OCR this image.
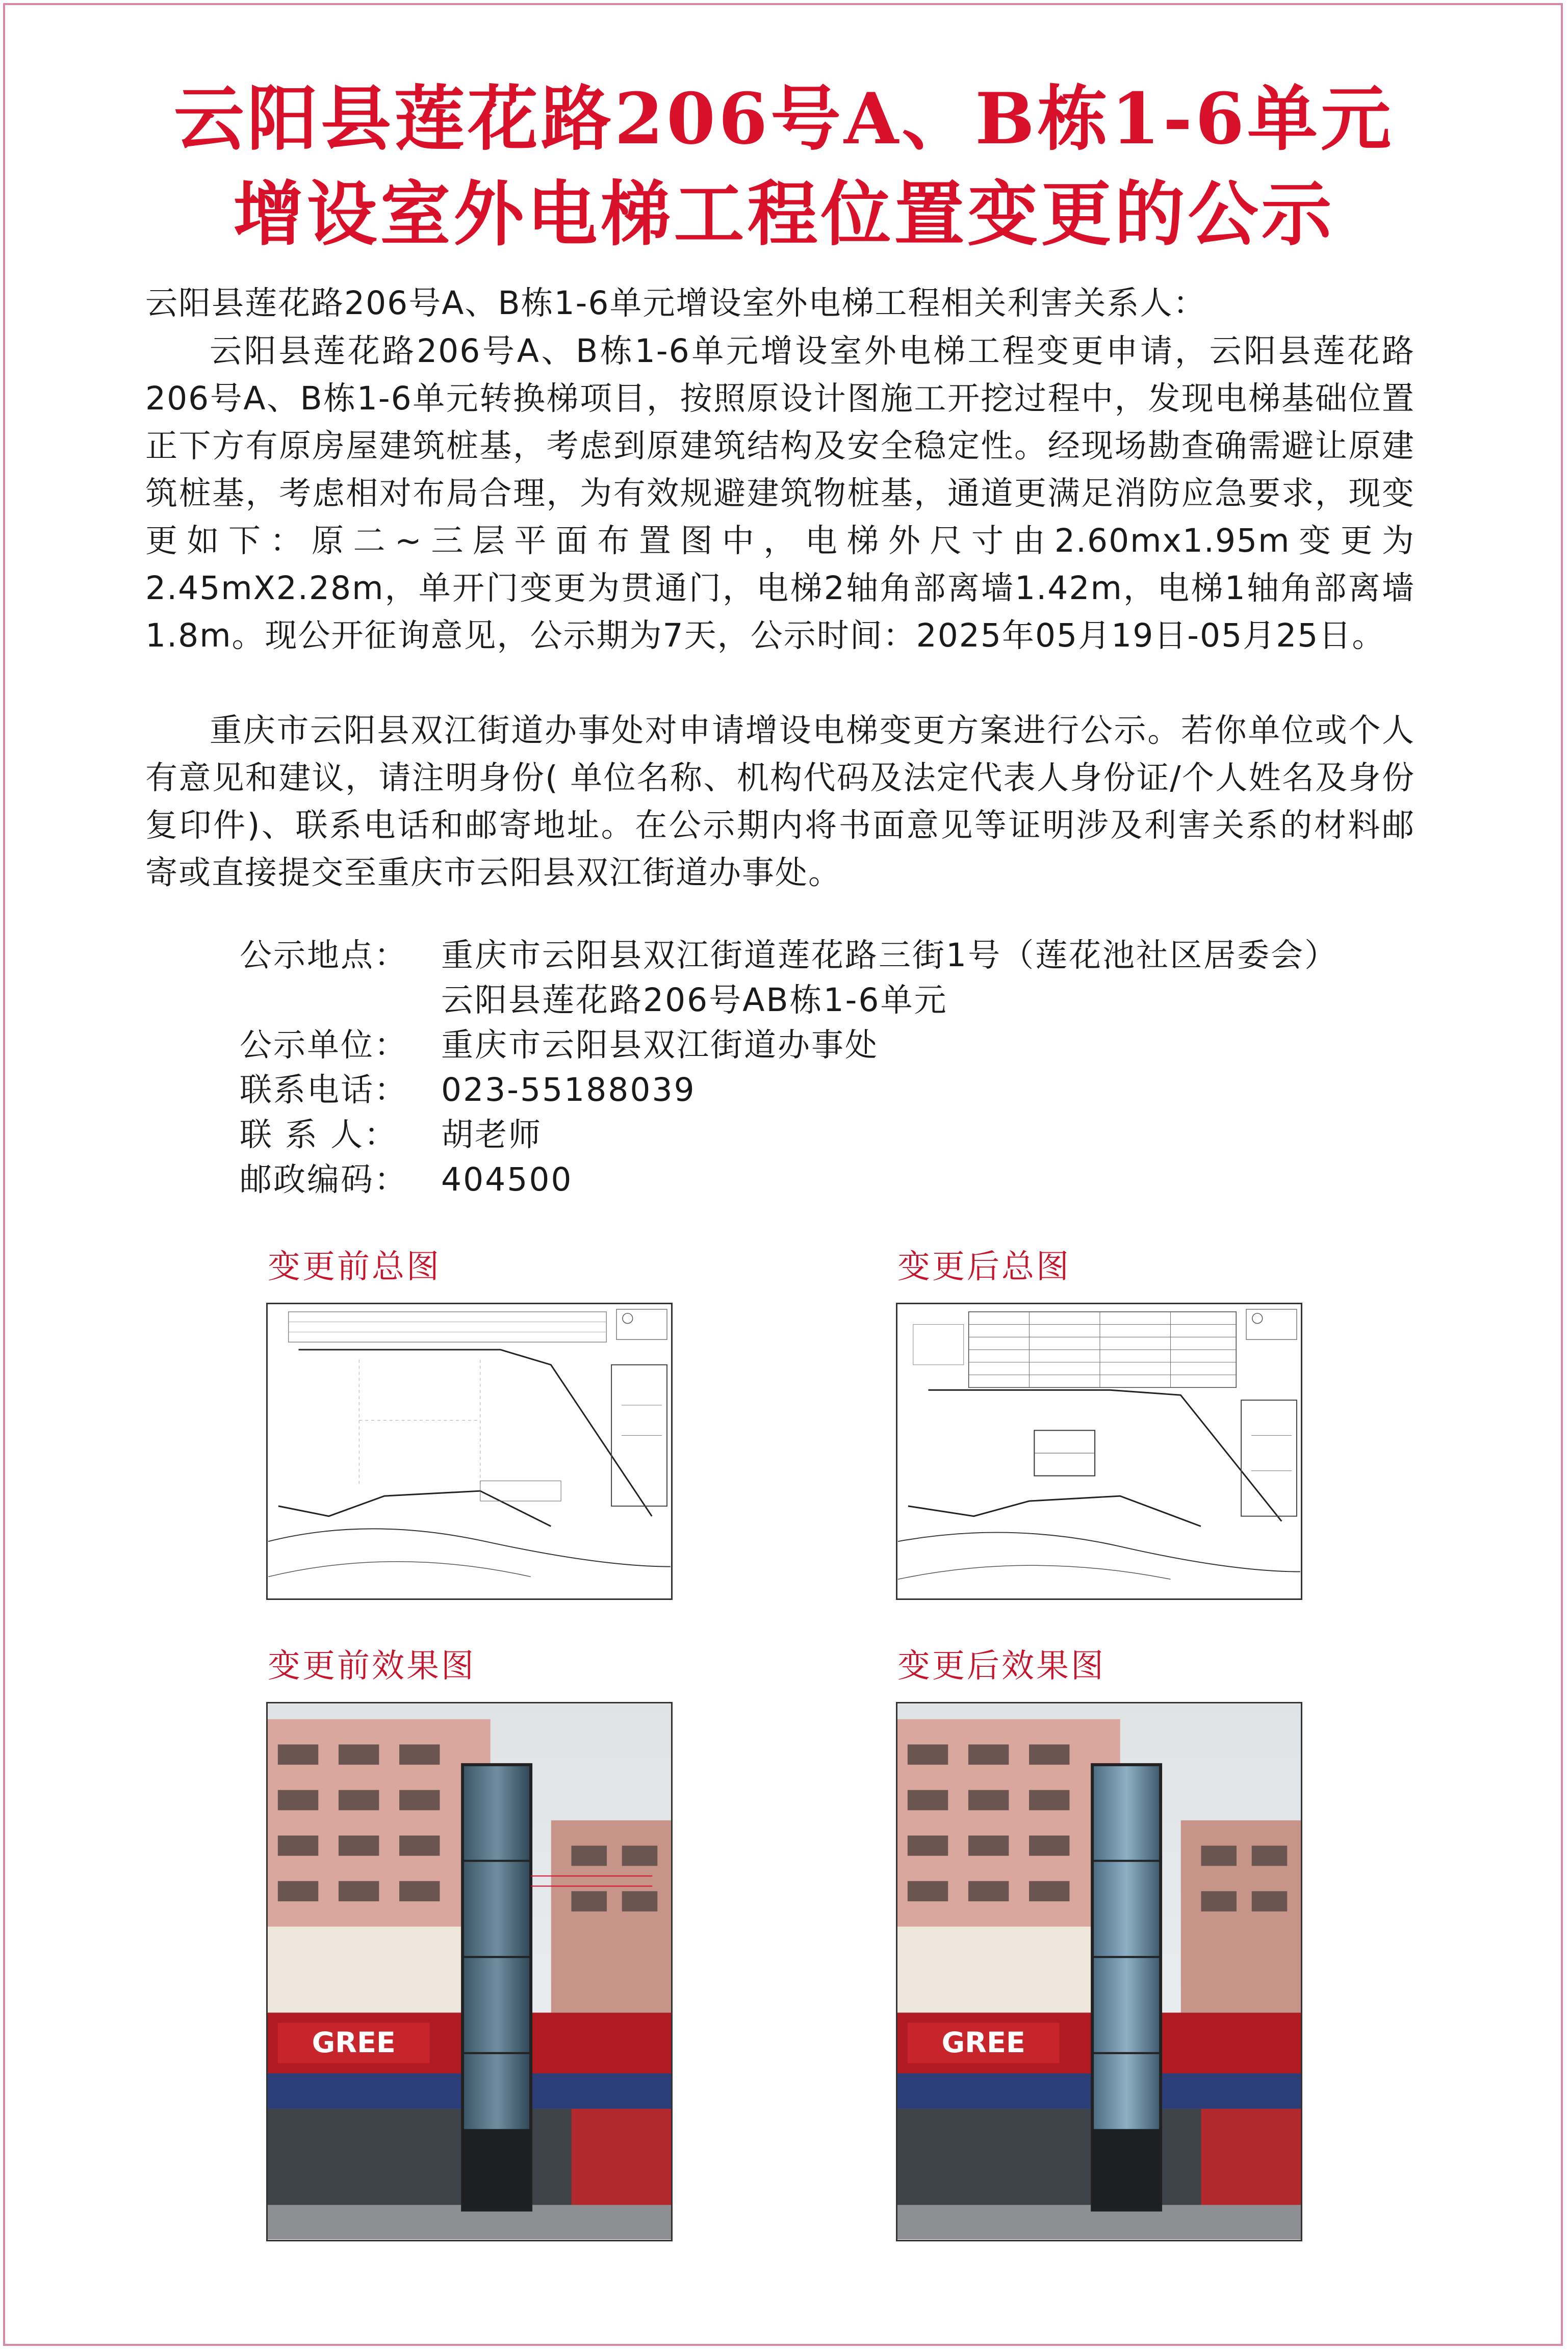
云阳县莲花路206号A、B栋1-6单元
增设室外电梯工程位置变更的公示

云阳县莲花路206号A、B栋1-6单元增设室外电梯工程相关利害关系人：

云阳县莲花路206号A、B栋1-6单元增设室外电梯工程变更申请，云阳县莲花路206号A、B栋1-6单元转换梯项目，按照原设计图施工开挖过程中，发现电梯基础位置正下方有原房屋建筑桩基，考虑到原建筑结构及安全稳定性。经现场勘查确需避让原建筑桩基，考虑相对布局合理，为有效规避建筑物桩基，通道更满足消防应急要求，现变更如下：原二~三层平面布置图中，电梯外尺寸由2.60mx1.95m变更为2.45mX2.28m，单开门变更为贯通门，电梯2轴角部离墙1.42m，电梯1轴角部离墙1.8m。现公开征询意见，公示期为7天，公示时间：2025年05月19日-05月25日。

重庆市云阳县双江街道办事处对申请增设电梯变更方案进行公示。若你单位或个人有意见和建议，请注明身份( 单位名称、机构代码及法定代表人身份证/个人姓名及身份复印件)、联系电话和邮寄地址。在公示期内将书面意见等证明涉及利害关系的材料邮寄或直接提交至重庆市云阳县双江街道办事处。

公示地点：	重庆市云阳县双江街道莲花路三街1号（莲花池社区居委会）
云阳县莲花路206号AB栋1-6单元
公示单位：	重庆市云阳县双江街道办事处
联系电话：	023-55188039
联 系 人：	胡老师
邮政编码：	404500
变更前总图	变更后总图
变更前效果图	变更后效果图
GREE	GREE
